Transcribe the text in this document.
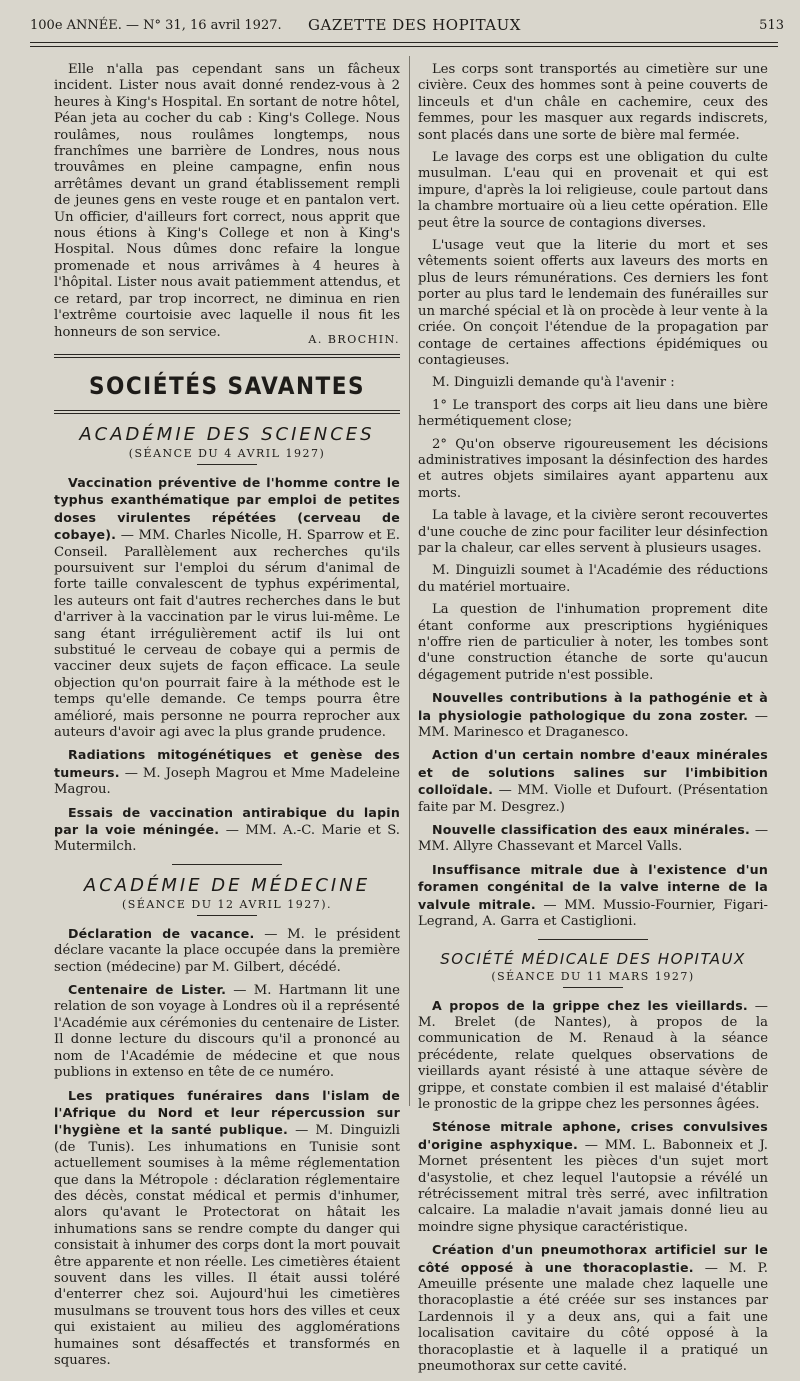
100e ANNÉE. — N° 31, 16 avril 1927. GAZETTE DES HOPITAUX	513

Elle n'alla pas cependant sans un fâcheux incident. Lister nous avait donné rendez-vous à 2 heures à King's Hospital. En sortant de notre hôtel, Péan jeta au cocher du cab : King's College. Nous roulâmes, nous roulâmes longtemps, nous franchîmes une barrière de Londres, nous nous trouvâmes en pleine campagne, enfin nous arrêtâmes devant un grand établissement rempli de jeunes gens en veste rouge et en pantalon vert. Un officier, d'ailleurs fort correct, nous apprit que nous étions à King's College et non à King's Hospital. Nous dûmes donc refaire la longue promenade et nous arrivâmes à 4 heures à l'hôpital. Lister nous avait patiemment attendus, et ce retard, par trop incorrect, ne diminua en rien l'extrême courtoisie avec laquelle il nous fit les honneurs de son service.	A. BROCHIN.

SOCIÉTÉS SAVANTES
ACADÉMIE DES SCIENCES
(SÉANCE DU 4 AVRIL 1927)

Vaccination préventive de l'homme contre le typhus exanthématique par emploi de petites doses virulentes répétées (cerveau de cobaye). — MM. Charles Nicolle, H. Sparrow et E. Conseil. Parallèlement aux recherches qu'ils poursuivent sur l'emploi du sérum d'animal de forte taille convalescent de typhus expérimental, les auteurs ont fait d'autres recherches dans le but d'arriver à la vaccination par le virus lui-même. Le sang étant irrégulièrement actif ils lui ont substitué le cerveau de cobaye qui a permis de vacciner deux sujets de façon efficace. La seule objection qu'on pourrait faire à la méthode est le temps qu'elle demande. Ce temps pourra être amélioré, mais personne ne pourra reprocher aux auteurs d'avoir agi avec la plus grande prudence.

Radiations mitogénétiques et genèse des tumeurs. — M. Joseph Magrou et Mme Madeleine Magrou.

Essais de vaccination antirabique du lapin par la voie méningée. — MM. A.-C. Marie et S. Mutermilch.

ACADÉMIE DE MÉDECINE
(SÉANCE DU 12 AVRIL 1927).

Déclaration de vacance. — M. le président déclare vacante la place occupée dans la première section (médecine) par M. Gilbert, décédé.

Centenaire de Lister. — M. Hartmann lit une relation de son voyage à Londres où il a représenté l'Académie aux cérémonies du centenaire de Lister. Il donne lecture du discours qu'il a prononcé au nom de l'Académie de médecine et que nous publions in extenso en tête de ce numéro.

Les pratiques funéraires dans l'islam de l'Afrique du Nord et leur répercussion sur l'hygiène et la santé publique. — M. Dinguizli (de Tunis). Les inhumations en Tunisie sont actuellement soumises à la même réglementation que dans la Métropole : déclaration réglementaire des décès, constat médical et permis d'inhumer, alors qu'avant le Protectorat on hâtait les inhumations sans se rendre compte du danger qui consistait à inhumer des corps dont la mort pouvait être apparente et non réelle. Les cimetières étaient souvent dans les villes. Il était aussi toléré d'enterrer chez soi. Aujourd'hui les cimetières musulmans se trouvent tous hors des villes et ceux qui existaient au milieu des agglomérations humaines sont désaffectés et transformés en squares.

Les corps sont transportés au cimetière sur une civière. Ceux des hommes sont à peine couverts de linceuls et d'un châle en cachemire, ceux des femmes, pour les masquer aux regards indiscrets, sont placés dans une sorte de bière mal fermée.

Le lavage des corps est une obligation du culte musulman. L'eau qui en provenait et qui est impure, d'après la loi religieuse, coule partout dans la chambre mortuaire où a lieu cette opération. Elle peut être la source de contagions diverses.

L'usage veut que la literie du mort et ses vêtements soient offerts aux laveurs des morts en plus de leurs rémunérations. Ces derniers les font porter au plus tard le lendemain des funérailles sur un marché spécial et là on procède à leur vente à la criée. On conçoit l'étendue de la propagation par contage de certaines affections épidémiques ou contagieuses.

M. Dinguizli demande qu'à l'avenir :

1° Le transport des corps ait lieu dans une bière hermétiquement close;

2° Qu'on observe rigoureusement les décisions administratives imposant la désinfection des hardes et autres objets similaires ayant appartenu aux morts.

La table à lavage, et la civière seront recouvertes d'une couche de zinc pour faciliter leur désinfection par la chaleur, car elles servent à plusieurs usages.

M. Dinguizli soumet à l'Académie des réductions du matériel mortuaire.

La question de l'inhumation proprement dite étant conforme aux prescriptions hygiéniques n'offre rien de particulier à noter, les tombes sont d'une construction étanche de sorte qu'aucun dégagement putride n'est possible.

Nouvelles contributions à la pathogénie et à la physiologie pathologique du zona zoster. — MM. Marinesco et Draganesco.

Action d'un certain nombre d'eaux minérales et de solutions salines sur l'imbibition colloïdale. — MM. Violle et Dufourt. (Présentation faite par M. Desgrez.)

Nouvelle classification des eaux minérales. — MM. Allyre Chassevant et Marcel Valls.

Insuffisance mitrale due à l'existence d'un foramen congénital de la valve interne de la valvule mitrale. — MM. Mussio-Fournier, Figari-Legrand, A. Garra et Castiglioni.

SOCIÉTÉ MÉDICALE DES HOPITAUX
(SÉANCE DU 11 MARS 1927)

A propos de la grippe chez les vieillards. — M. Brelet (de Nantes), à propos de la communication de M. Renaud à la séance précédente, relate quelques observations de vieillards ayant résisté à une attaque sévère de grippe, et constate combien il est malaisé d'établir le pronostic de la grippe chez les personnes âgées.

Sténose mitrale aphone, crises convulsives d'origine asphyxique. — MM. L. Babonneix et J. Mornet présentent les pièces d'un sujet mort d'asystolie, et chez lequel l'autopsie a révélé un rétrécissement mitral très serré, avec infiltration calcaire. La maladie n'avait jamais donné lieu au moindre signe physique caractéristique.

Création d'un pneumothorax artificiel sur le côté opposé à une thoracoplastie. — M. P. Ameuille présente une malade chez laquelle une thoracoplastie a été créée sur ses instances par Lardennois il y a deux ans, qui a fait une localisation cavitaire du côté opposé à la thoracoplastie et à laquelle il a pratiqué un pneumothorax sur cette cavité.
